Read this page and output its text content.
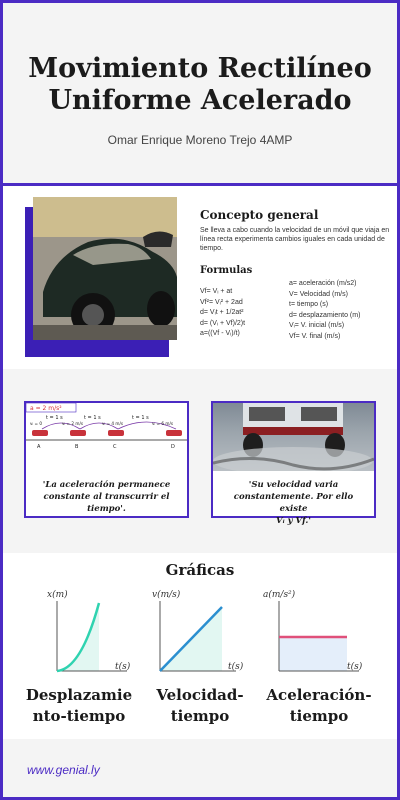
Movimiento Rectilíneo
Uniforme Acelerado
Omar Enrique Moreno Trejo 4AMP
Concepto general
Se lleva a cabo cuando la velocidad de un móvil que viaja en línea recta experimenta cambios iguales en cada unidad de tiempo.
Formulas
Vf= Vᵢ + at
Vf²= Vᵢ² + 2ad
d= Vᵢt + 1/2at²
d= (Vᵢ + Vf)/2)t
a=((Vf - Vᵢ)/t)
a= aceleración (m/s2)
V= Velocidad (m/s)
t= tiempo (s)
d= desplazamiento (m)
Vᵢ= V. inicial (m/s)
Vf= V. final (m/s)
a = 2 m/s²
t = 1 s	t = 1 s	t = 1 s
vᵢ = 0	vᵢ = 2 m/s	vᵢ = 4 m/s	vᵢ = 6 m/s
A	B	C	D
'La aceleración permanece constante al transcurrir el tiempo'.
'Su velocidad varia constantemente. Por ello existe
Vᵢ y Vf.'
Gráficas
x(m)
t(s)
Desplazamie
nto-tiempo
v(m/s)
t(s)
Velocidad-
tiempo
a(m/s²)
t(s)
Aceleración-
tiempo
www.genial.ly
